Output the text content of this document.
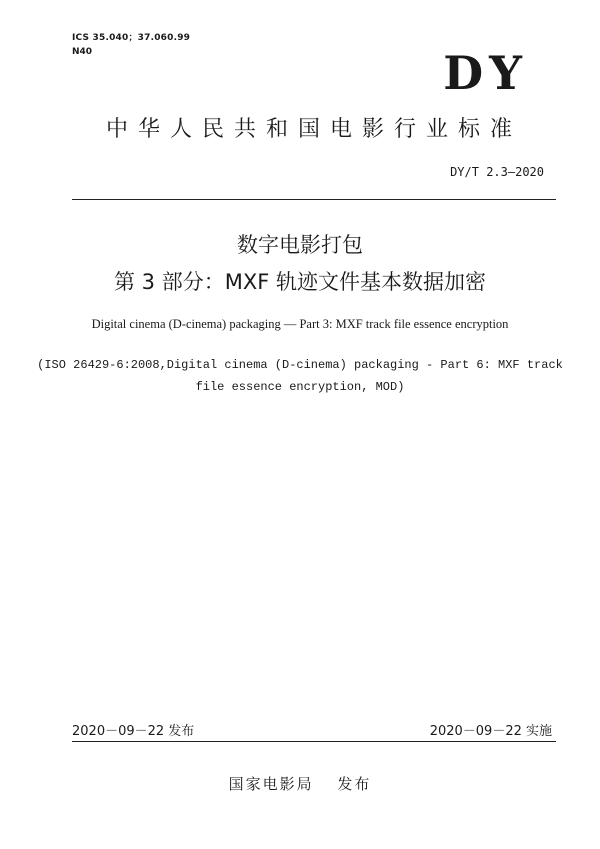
ICS 35.040；37.060.99
N40	DY
中华人民共和国电影行业标准
DY/T 2.3—2020
数字电影打包
第 3 部分：MXF 轨迹文件基本数据加密
Digital cinema (D-cinema) packaging — Part 3: MXF track file essence encryption
(ISO 26429-6:2008,Digital cinema (D-cinema) packaging - Part 6: MXF track
file essence encryption, MOD)
2020－09－22 发布	2020－09－22 实施
国家电影局　 发布
